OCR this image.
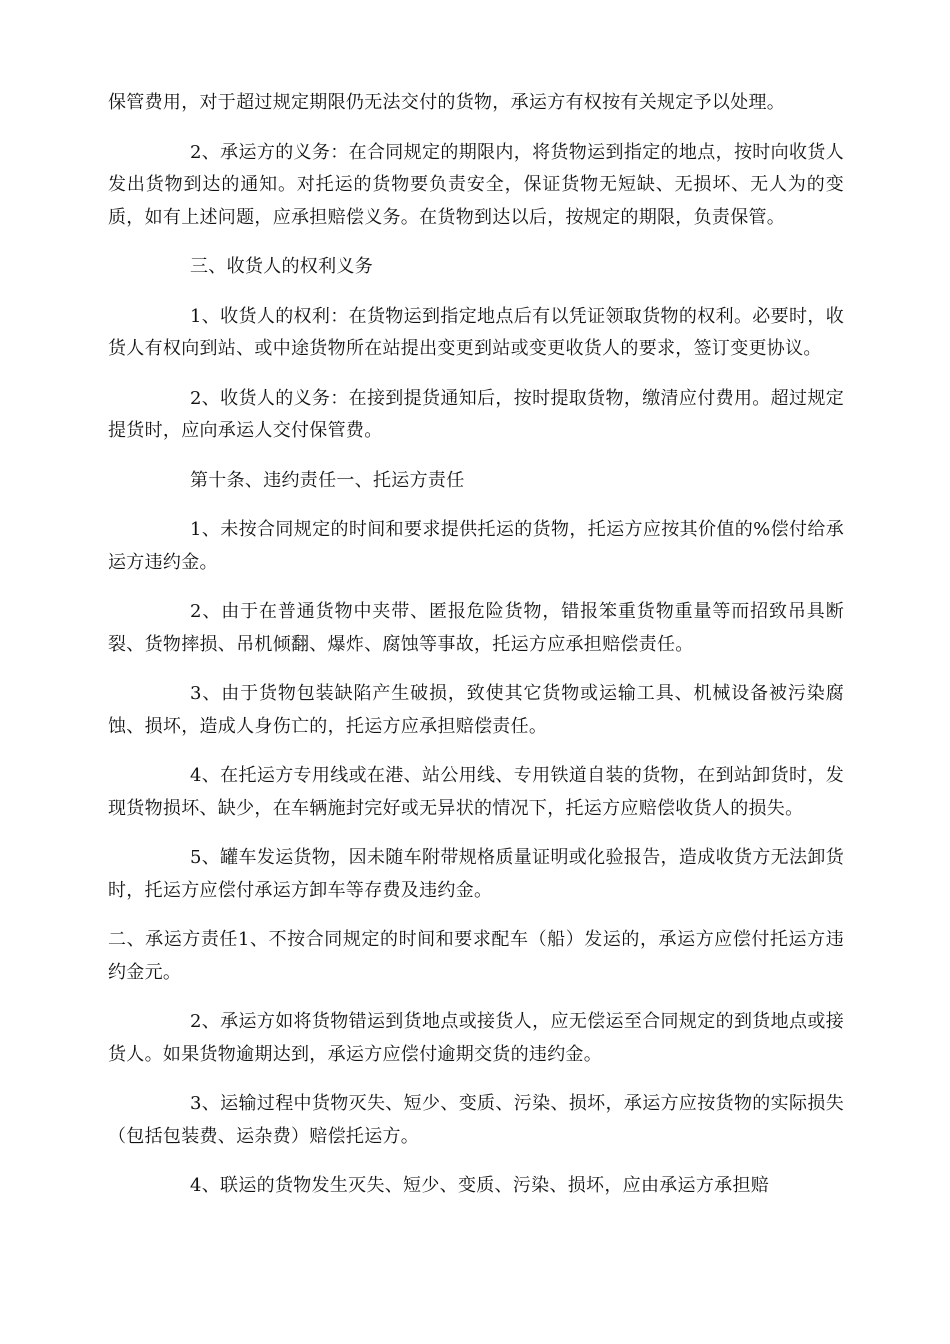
保管费用，对于超过规定期限仍无法交付的货物，承运方有权按有关规定予以处理。

2、承运方的义务：在合同规定的期限内，将货物运到指定的地点，按时向收货人发出货物到达的通知。对托运的货物要负责安全，保证货物无短缺、无损坏、无人为的变质，如有上述问题，应承担赔偿义务。在货物到达以后，按规定的期限，负责保管。

三、收货人的权利义务

1、收货人的权利：在货物运到指定地点后有以凭证领取货物的权利。必要时，收货人有权向到站、或中途货物所在站提出变更到站或变更收货人的要求，签订变更协议。

2、收货人的义务：在接到提货通知后，按时提取货物，缴清应付费用。超过规定提货时，应向承运人交付保管费。

第十条、违约责任一、托运方责任

1、未按合同规定的时间和要求提供托运的货物，托运方应按其价值的%偿付给承运方违约金。

2、由于在普通货物中夹带、匿报危险货物，错报笨重货物重量等而招致吊具断裂、货物摔损、吊机倾翻、爆炸、腐蚀等事故，托运方应承担赔偿责任。

3、由于货物包装缺陷产生破损，致使其它货物或运输工具、机械设备被污染腐蚀、损坏，造成人身伤亡的，托运方应承担赔偿责任。

4、在托运方专用线或在港、站公用线、专用铁道自装的货物，在到站卸货时，发现货物损坏、缺少，在车辆施封完好或无异状的情况下，托运方应赔偿收货人的损失。

5、罐车发运货物，因未随车附带规格质量证明或化验报告，造成收货方无法卸货时，托运方应偿付承运方卸车等存费及违约金。

二、承运方责任1、不按合同规定的时间和要求配车（船）发运的，承运方应偿付托运方违约金元。

2、承运方如将货物错运到货地点或接货人，应无偿运至合同规定的到货地点或接货人。如果货物逾期达到，承运方应偿付逾期交货的违约金。

3、运输过程中货物灭失、短少、变质、污染、损坏，承运方应按货物的实际损失（包括包装费、运杂费）赔偿托运方。

4、联运的货物发生灭失、短少、变质、污染、损坏，应由承运方承担赔
